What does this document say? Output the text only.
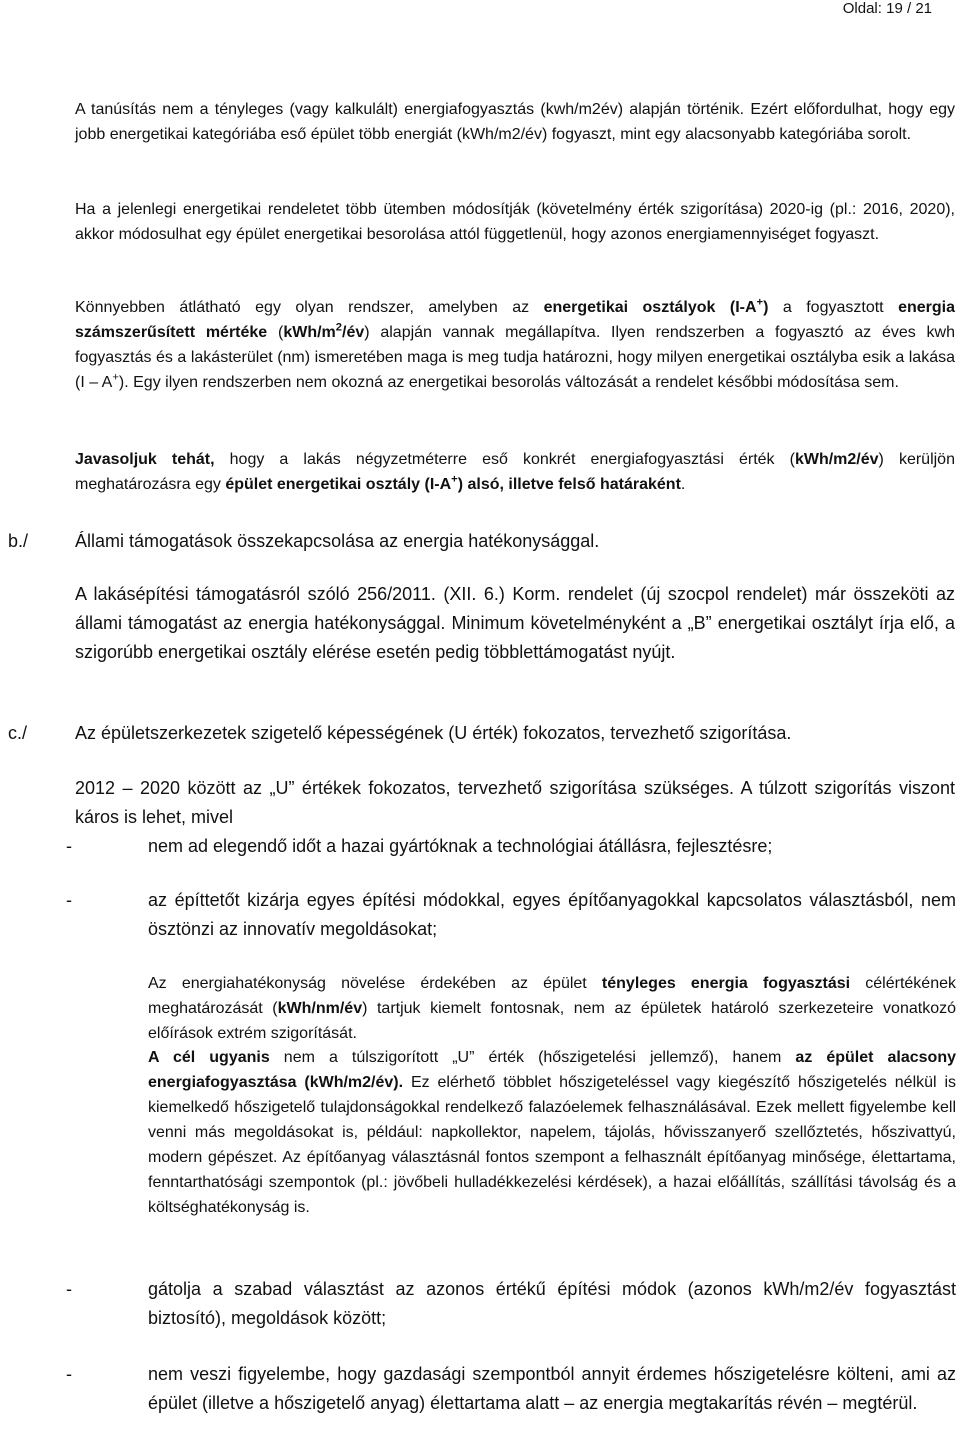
Oldal: 19 / 21

A tanúsítás nem a tényleges (vagy kalkulált) energiafogyasztás (kwh/m2év) alapján történik. Ezért előfordulhat, hogy egy jobb energetikai kategóriába eső épület több energiát (kWh/m2/év) fogyaszt, mint egy alacsonyabb kategóriába sorolt.

Ha a jelenlegi energetikai rendeletet több ütemben módosítják (követelmény érték szigorítása) 2020-ig (pl.: 2016, 2020), akkor módosulhat egy épület energetikai besorolása attól függetlenül, hogy azonos energiamennyiséget fogyaszt.

Könnyebben átlátható egy olyan rendszer, amelyben az energetikai osztályok (I-A+) a fogyasztott energia számszerűsített mértéke $(kWh/m^2/év)$ alapján vannak megállapítva. Ilyen rendszerben a fogyasztó az éves kwh fogyasztás és a lakásterület (nm) ismeretében maga is meg tudja határozni, hogy milyen energetikai osztályba esik a lakása (I – A+). Egy ilyen rendszerben nem okozná az energetikai besorolás változását a rendelet későbbi módosítása sem.

Javasoljuk tehát, hogy a lakás négyzetméterre eső konkrét energiafogyasztási érték (kWh/m2/év) kerüljön meghatározásra egy épület energetikai osztály (I-A+) alsó, illetve felső határaként.

b./	Állami támogatások összekapcsolása az energia hatékonysággal.

A lakásépítési támogatásról szóló 256/2011. (XII. 6.) Korm. rendelet (új szocpol rendelet) már összeköti az állami támogatást az energia hatékonysággal. Minimum követelményként a „B” energetikai osztályt írja elő, a szigorúbb energetikai osztály elérése esetén pedig többlettámogatást nyújt.

c./	Az épületszerkezetek szigetelő képességének (U érték) fokozatos, tervezhető szigorítása.

2012 – 2020 között az „U” értékek fokozatos, tervezhető szigorítása szükséges. A túlzott szigorítás viszont káros is lehet, mivel

-	nem ad elegendő időt a hazai gyártóknak a technológiai átállásra, fejlesztésre;

-	az építtetőt kizárja egyes építési módokkal, egyes építőanyagokkal kapcsolatos választásból, nem ösztönzi az innovatív megoldásokat;

Az energiahatékonyság növelése érdekében az épület tényleges energia fogyasztási célértékének meghatározását (kWh/nm/év) tartjuk kiemelt fontosnak, nem az épületek határoló szerkezeteire vonatkozó előírások extrém szigorítását.

A cél ugyanis nem a túlszigorított „U” érték (hőszigetelési jellemző), hanem az épület alacsony energiafogyasztása (kWh/m2/év). Ez elérhető többlet hőszigeteléssel vagy kiegészítő hőszigetelés nélkül is kiemelkedő hőszigetelő tulajdonságokkal rendelkező falazóelemek felhasználásával. Ezek mellett figyelembe kell venni más megoldásokat is, például: napkollektor, napelem, tájolás, hővisszanyerő szellőztetés, hőszivattyú, modern gépészet. Az építőanyag választásnál fontos szempont a felhasznált építőanyag minősége, élettartama, fenntarthatósági szempontok (pl.: jövőbeli hulladékkezelési kérdések), a hazai előállítás, szállítási távolság és a költséghatékonyság is.

-	gátolja a szabad választást az azonos értékű építési módok (azonos kWh/m2/év fogyasztást biztosító), megoldások között;

-	nem veszi figyelembe, hogy gazdasági szempontból annyit érdemes hőszigetelésre költeni, ami az épület (illetve a hőszigetelő anyag) élettartama alatt – az energia megtakarítás révén – megtérül.
